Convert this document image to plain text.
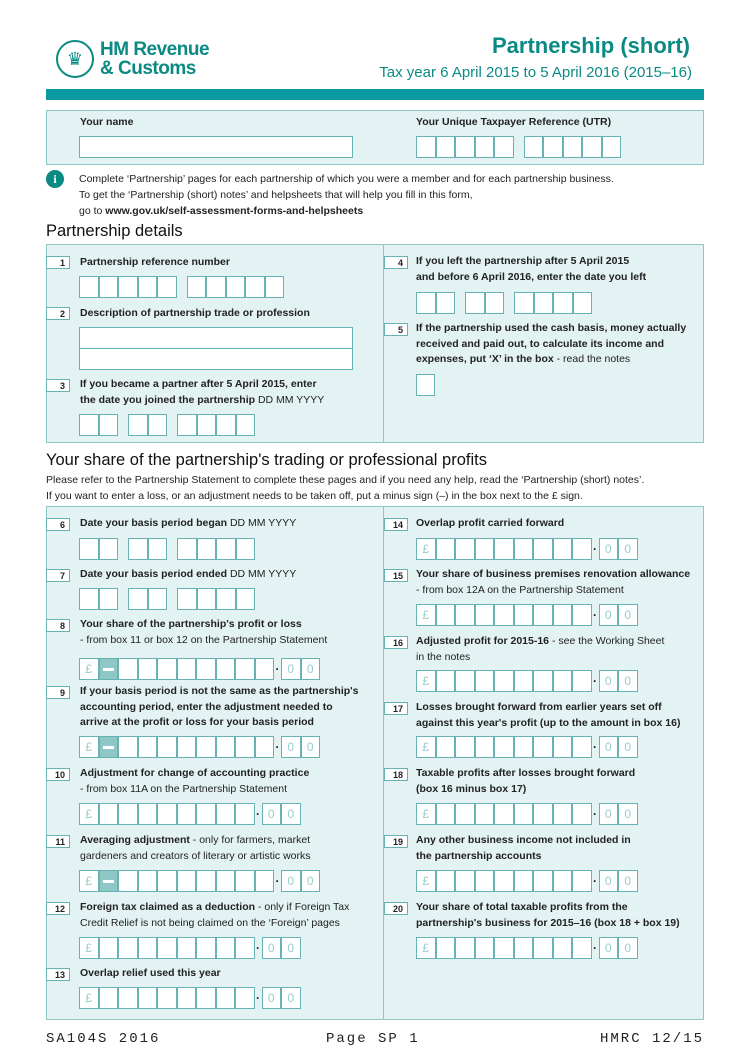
♛ HM Revenue
& Customs
Partnership (short)
Tax year 6 April 2015 to 5 April 2016 (2015–16)
Your name	Your Unique Taxpayer Reference (UTR)
i	Complete ‘Partnership’ pages for each partnership of which you were a member and for each partnership business.
To get the ‘Partnership (short) notes’ and helpsheets that will help you fill in this form,
go to www.gov.uk/self-assessment-forms-and-helpsheets
Partnership details
1	Partnership reference number
2	Description of partnership trade or profession
3	If you became a partner after 5 April 2015, enter
the date you joined the partnership DD MM YYYY
4	If you left the partnership after 5 April 2015
and before 6 April 2016, enter the date you left
5	If the partnership used the cash basis, money actually
received and paid out, to calculate its income and
expenses, put ‘X’ in the box - read the notes
Your share of the partnership's trading or professional profits
Please refer to the Partnership Statement to complete these pages and if you need any help, read the ‘Partnership (short) notes’.
If you want to enter a loss, or an adjustment needs to be taken off, put a minus sign (–) in the box next to the £ sign.
6	Date your basis period began DD MM YYYY
7	Date your basis period ended DD MM YYYY
8	Your share of the partnership's profit or loss
- from box 11 or box 12 on the Partnership Statement
£	· 0	0
9	If your basis period is not the same as the partnership's
accounting period, enter the adjustment needed to
arrive at the profit or loss for your basis period
£	· 0	0
10	Adjustment for change of accounting practice
- from box 11A on the Partnership Statement
£	· 0	0
11	Averaging adjustment - only for farmers, market
gardeners and creators of literary or artistic works
£	· 0	0
12	Foreign tax claimed as a deduction - only if Foreign Tax
Credit Relief is not being claimed on the ‘Foreign’ pages
£	· 0	0
13	Overlap relief used this year
£	· 0	0
14	Overlap profit carried forward
£	· 0	0
15	Your share of business premises renovation allowance
- from box 12A on the Partnership Statement
£	· 0	0
16	Adjusted profit for 2015-16 - see the Working Sheet
in the notes
£	· 0	0
17	Losses brought forward from earlier years set off
against this year's profit (up to the amount in box 16)
£	· 0	0
18	Taxable profits after losses brought forward
(box 16 minus box 17)
£	· 0	0
19	Any other business income not included in
the partnership accounts
£	· 0	0
20	Your share of total taxable profits from the
partnership's business for 2015–16 (box 18 + box 19)
£	· 0	0
SA104S 2016	Page SP 1	HMRC 12/15
